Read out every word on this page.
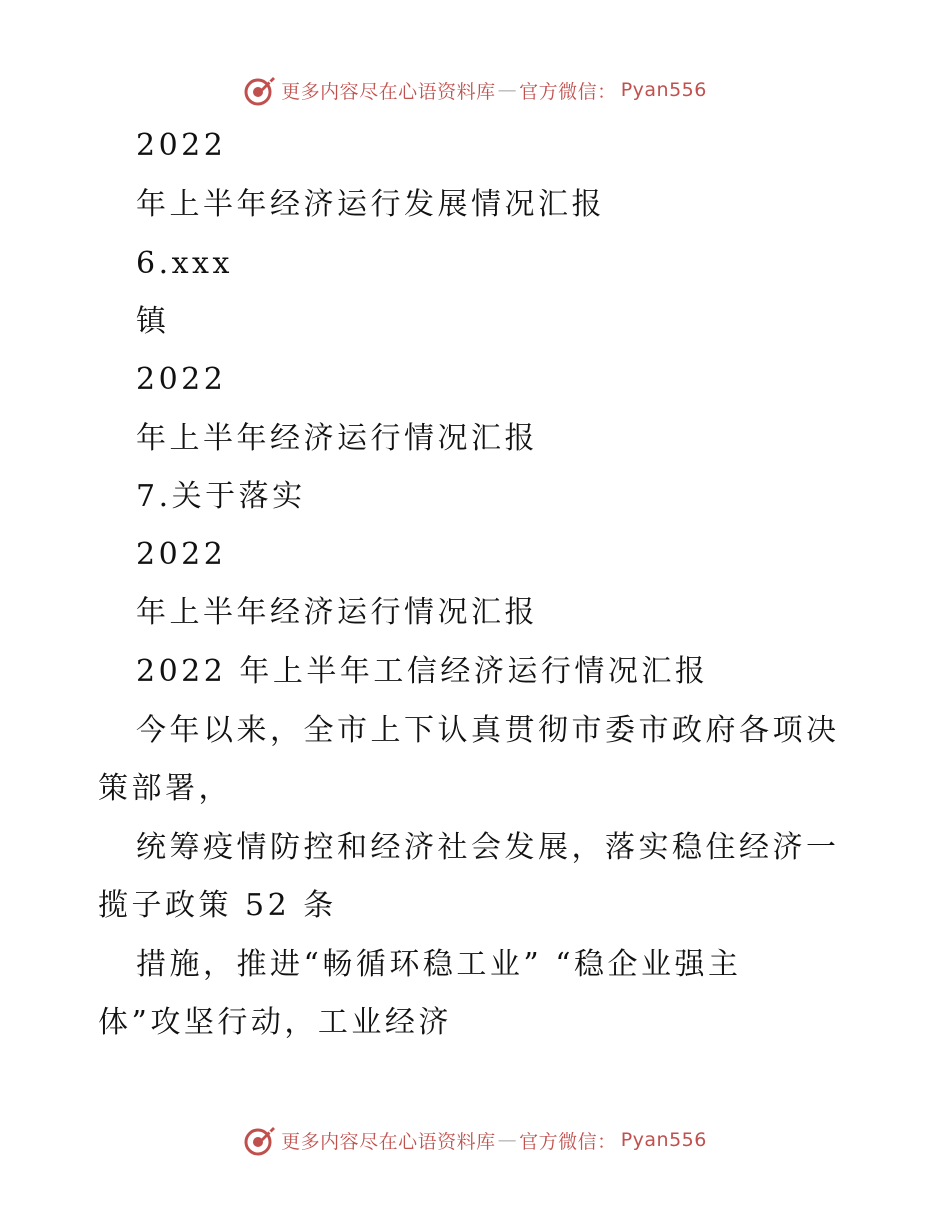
更多内容尽在心语资料库 — 官方微信： Pyan556
2022
年上半年经济运行发展情况汇报
6.xxx
镇
2022
年上半年经济运行情况汇报
7.关于落实
2022
年上半年经济运行情况汇报
2022 年上半年工信经济运行情况汇报
今年以来，全市上下认真贯彻市委市政府各项决
策部署，
统筹疫情防控和经济社会发展，落实稳住经济一
揽子政策 52 条
措施，推进“畅循环稳工业” “稳企业强主
体”攻坚行动，工业经济
更多内容尽在心语资料库 — 官方微信： Pyan556
